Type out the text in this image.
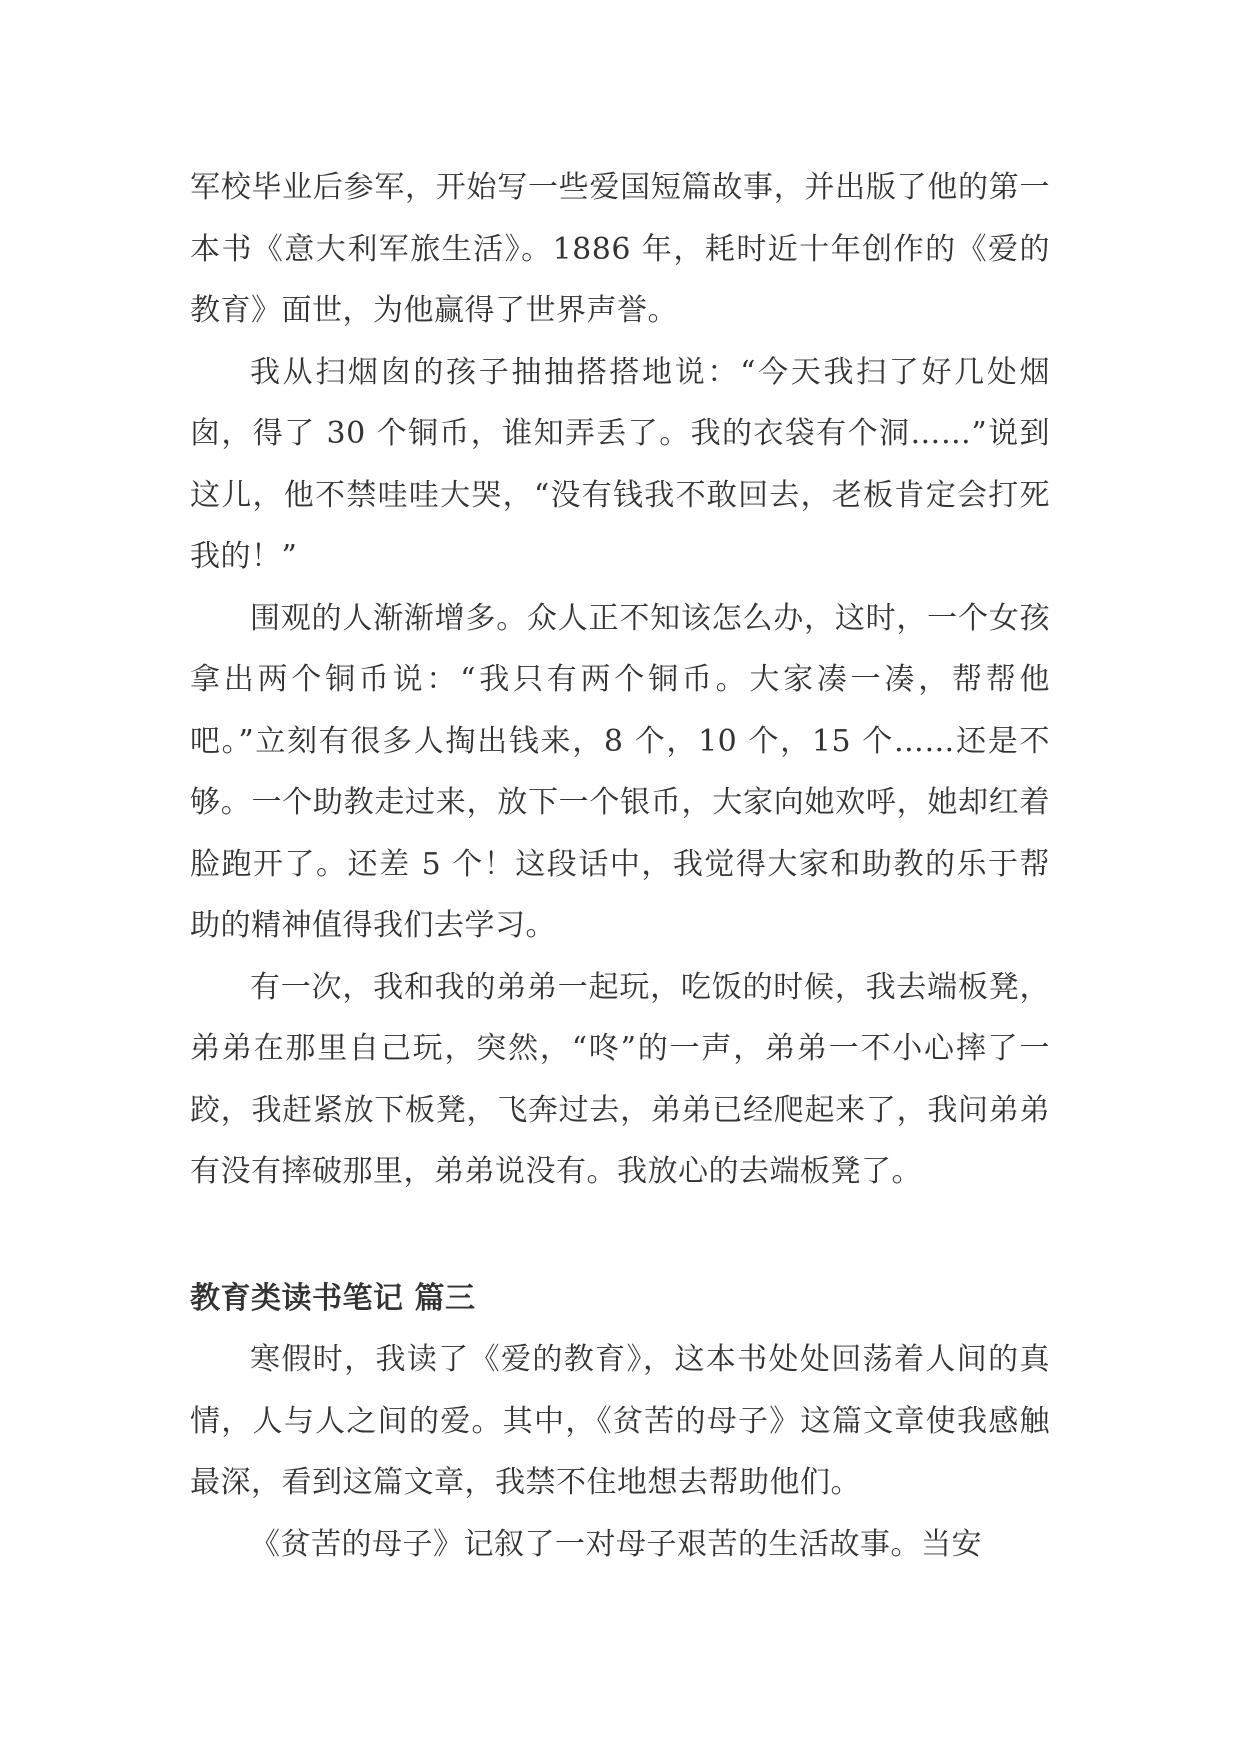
军校毕业后参军，开始写一些爱国短篇故事，并出版了他的第一本书《意大利军旅生活》。1886 年，耗时近十年创作的《爱的教育》面世，为他赢得了世界声誉。

我从扫烟囱的孩子抽抽搭搭地说：“今天我扫了好几处烟囱，得了 30 个铜币，谁知弄丢了。我的衣袋有个洞……”说到这儿，他不禁哇哇大哭，“没有钱我不敢回去，老板肯定会打死我的！”

围观的人渐渐增多。众人正不知该怎么办，这时，一个女孩拿出两个铜币说：“我只有两个铜币。大家凑一凑，帮帮他吧。”立刻有很多人掏出钱来，8 个，10 个，15 个……还是不够。一个助教走过来，放下一个银币，大家向她欢呼，她却红着脸跑开了。还差 5 个！这段话中，我觉得大家和助教的乐于帮助的精神值得我们去学习。

有一次，我和我的弟弟一起玩，吃饭的时候，我去端板凳，弟弟在那里自己玩，突然，“咚”的一声，弟弟一不小心摔了一跤，我赶紧放下板凳，飞奔过去，弟弟已经爬起来了，我问弟弟有没有摔破那里，弟弟说没有。我放心的去端板凳了。

教育类读书笔记 篇三

寒假时，我读了《爱的教育》，这本书处处回荡着人间的真情，人与人之间的爱。其中，《贫苦的母子》这篇文章使我感触最深，看到这篇文章，我禁不住地想去帮助他们。

《贫苦的母子》记叙了一对母子艰苦的生活故事。当安
